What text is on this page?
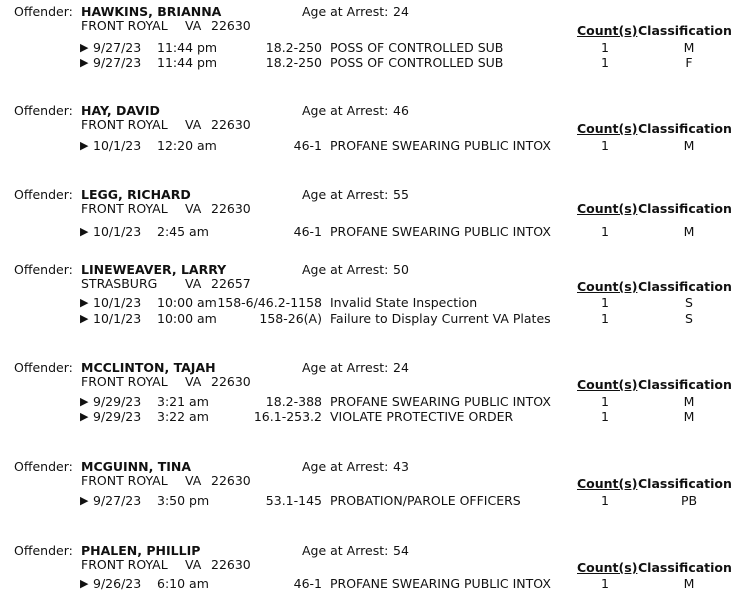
Offender: HAWKINS, BRIANNA	Age at Arrest: 24
FRONT ROYAL VA 22630	Count(s) Classification
▶ 9/27/23 11:44 pm	18.2-250 POSS OF CONTROLLED SUB	1	M
▶ 9/27/23 11:44 pm	18.2-250 POSS OF CONTROLLED SUB	1	F
Offender: HAY, DAVID	Age at Arrest: 46
FRONT ROYAL VA 22630	Count(s) Classification
▶ 10/1/23 12:20 am	46-1 PROFANE SWEARING PUBLIC INTOX	1	M
Offender: LEGG, RICHARD	Age at Arrest: 55
FRONT ROYAL VA 22630	Count(s) Classification
▶ 10/1/23 2:45 am	46-1 PROFANE SWEARING PUBLIC INTOX	1	M
Offender: LINEWEAVER, LARRY	Age at Arrest: 50
STRASBURG VA 22657	Count(s) Classification
▶ 10/1/23 10:00 am 158-6/46.2-1158 Invalid State Inspection	1	S
▶ 10/1/23 10:00 am	158-26(A) Failure to Display Current VA Plates	1	S
Offender: MCCLINTON, TAJAH	Age at Arrest: 24
FRONT ROYAL VA 22630	Count(s) Classification
▶ 9/29/23 3:21 am	18.2-388 PROFANE SWEARING PUBLIC INTOX	1	M
▶ 9/29/23 3:22 am	16.1-253.2 VIOLATE PROTECTIVE ORDER	1	M
Offender: MCGUINN, TINA	Age at Arrest: 43
FRONT ROYAL VA 22630	Count(s) Classification
▶ 9/27/23 3:50 pm	53.1-145 PROBATION/PAROLE OFFICERS	1	PB
Offender: PHALEN, PHILLIP	Age at Arrest: 54
FRONT ROYAL VA 22630	Count(s) Classification
▶ 9/26/23 6:10 am	46-1 PROFANE SWEARING PUBLIC INTOX	1	M
